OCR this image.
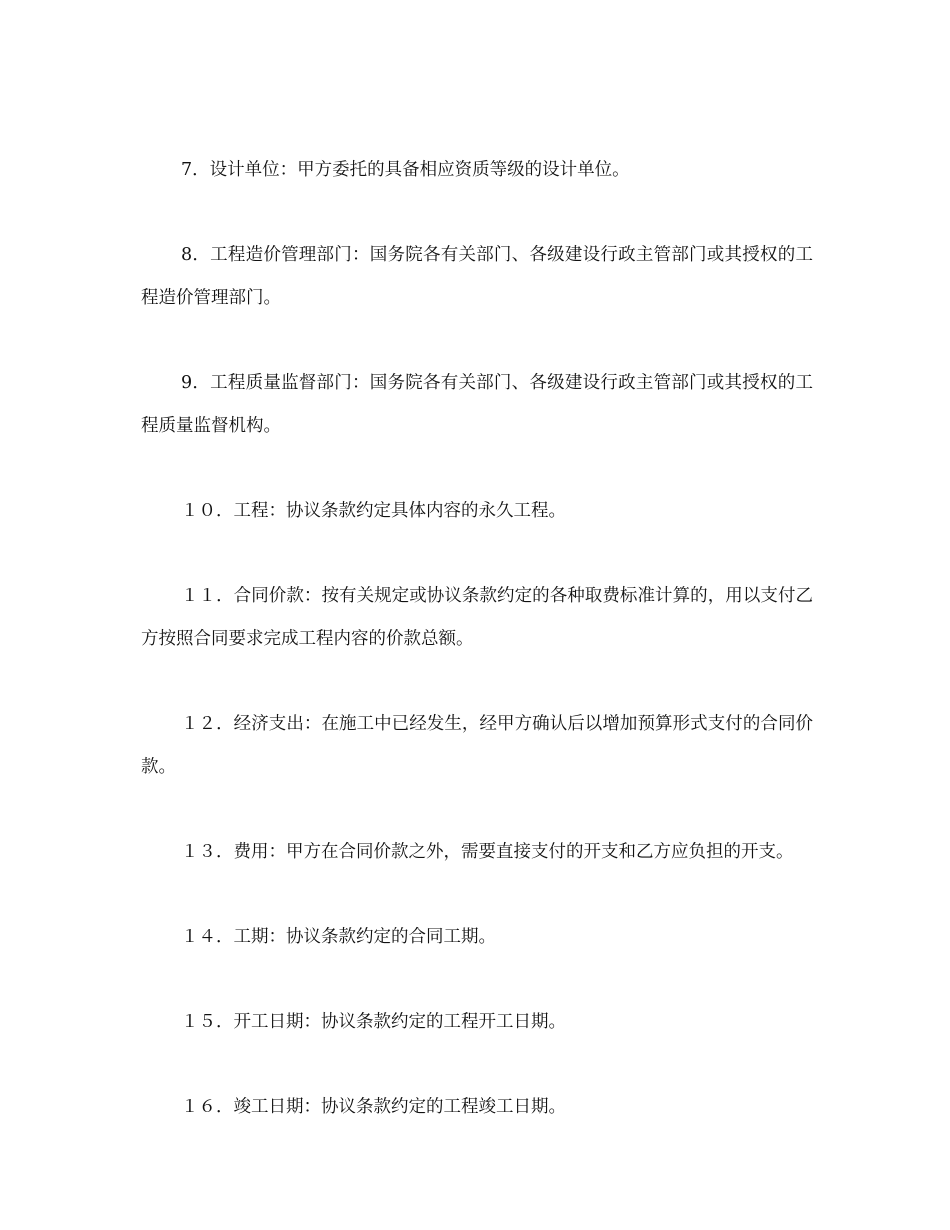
7．设计单位：甲方委托的具备相应资质等级的设计单位。

8．工程造价管理部门：国务院各有关部门、各级建设行政主管部门或其授权的工程造价管理部门。

9．工程质量监督部门：国务院各有关部门、各级建设行政主管部门或其授权的工程质量监督机构。

１０．工程：协议条款约定具体内容的永久工程。

１１．合同价款：按有关规定或协议条款约定的各种取费标准计算的，用以支付乙方按照合同要求完成工程内容的价款总额。

１２．经济支出：在施工中已经发生，经甲方确认后以增加预算形式支付的合同价款。

１３．费用：甲方在合同价款之外，需要直接支付的开支和乙方应负担的开支。

１４．工期：协议条款约定的合同工期。

１５．开工日期：协议条款约定的工程开工日期。

１６．竣工日期：协议条款约定的工程竣工日期。
